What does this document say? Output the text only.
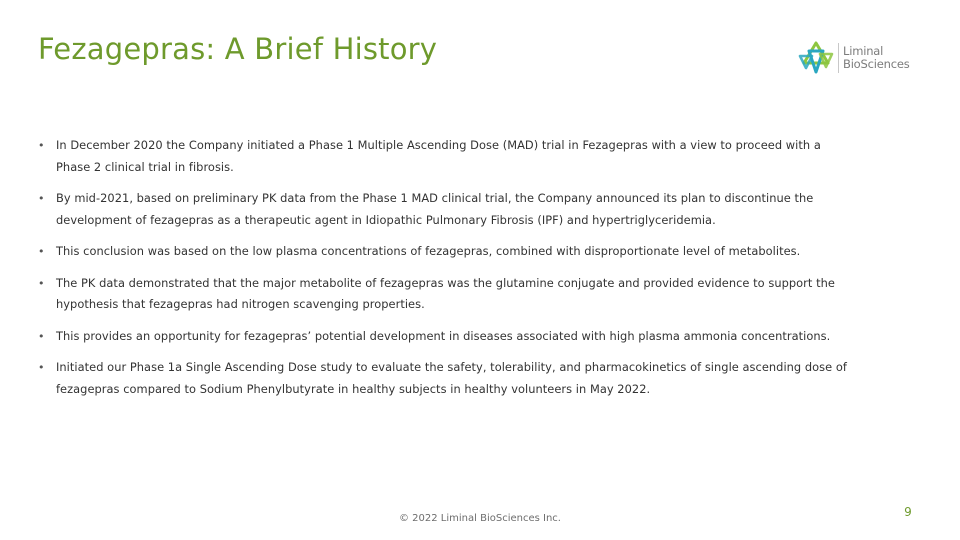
Fezagepras: A Brief History	Liminal
BioSciences
•	In December 2020 the Company initiated a Phase 1 Multiple Ascending Dose (MAD) trial in Fezagepras with a view to proceed with a Phase 2 clinical trial in fibrosis.
•	By mid-2021, based on preliminary PK data from the Phase 1 MAD clinical trial, the Company announced its plan to discontinue the development of fezagepras as a therapeutic agent in Idiopathic Pulmonary Fibrosis (IPF) and hypertriglyceridemia.
•	This conclusion was based on the low plasma concentrations of fezagepras, combined with disproportionate level of metabolites.
•	The PK data demonstrated that the major metabolite of fezagepras was the glutamine conjugate and provided evidence to support the hypothesis that fezagepras had nitrogen scavenging properties.
•	This provides an opportunity for fezagepras’ potential development in diseases associated with high plasma ammonia concentrations.
•	Initiated our Phase 1a Single Ascending Dose study to evaluate the safety, tolerability, and pharmacokinetics of single ascending dose of fezagepras compared to Sodium Phenylbutyrate in healthy subjects in healthy volunteers in May 2022.
© 2022 Liminal BioSciences Inc.	9
